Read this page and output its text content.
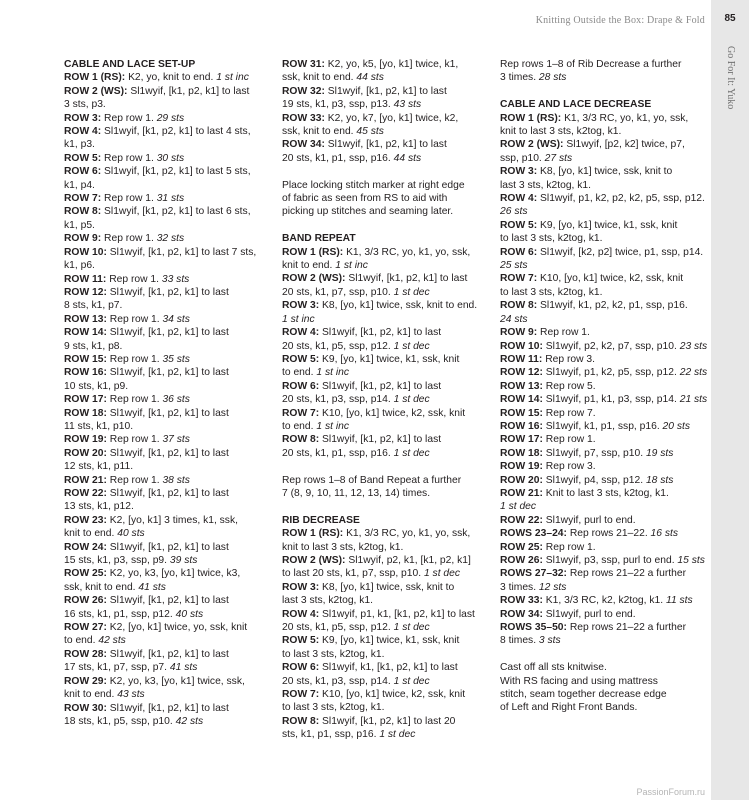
Knitting Outside the Box: Drape & Fold	85
Go For It: Yuko
CABLE AND LACE SET-UP
ROW 1 (RS): K2, yo, knit to end. 1 st inc
ROW 2 (WS): Sl1wyif, [k1, p2, k1] to last
3 sts, p3.
ROW 3: Rep row 1. 29 sts
ROW 4: Sl1wyif, [k1, p2, k1] to last 4 sts,
k1, p3.
ROW 5: Rep row 1. 30 sts
ROW 6: Sl1wyif, [k1, p2, k1] to last 5 sts,
k1, p4.
ROW 7: Rep row 1. 31 sts
ROW 8: Sl1wyif, [k1, p2, k1] to last 6 sts,
k1, p5.
ROW 9: Rep row 1. 32 sts
ROW 10: Sl1wyif, [k1, p2, k1] to last 7 sts,
k1, p6.
ROW 11: Rep row 1. 33 sts
ROW 12: Sl1wyif, [k1, p2, k1] to last
8 sts, k1, p7.
ROW 13: Rep row 1. 34 sts
ROW 14: Sl1wyif, [k1, p2, k1] to last
9 sts, k1, p8.
ROW 15: Rep row 1. 35 sts
ROW 16: Sl1wyif, [k1, p2, k1] to last
10 sts, k1, p9.
ROW 17: Rep row 1. 36 sts
ROW 18: Sl1wyif, [k1, p2, k1] to last
11 sts, k1, p10.
ROW 19: Rep row 1. 37 sts
ROW 20: Sl1wyif, [k1, p2, k1] to last
12 sts, k1, p11.
ROW 21: Rep row 1. 38 sts
ROW 22: Sl1wyif, [k1, p2, k1] to last
13 sts, k1, p12.
ROW 23: K2, [yo, k1] 3 times, k1, ssk,
knit to end. 40 sts
ROW 24: Sl1wyif, [k1, p2, k1] to last
15 sts, k1, p3, ssp, p9. 39 sts
ROW 25: K2, yo, k3, [yo, k1] twice, k3,
ssk, knit to end. 41 sts
ROW 26: Sl1wyif, [k1, p2, k1] to last
16 sts, k1, p1, ssp, p12. 40 sts
ROW 27: K2, [yo, k1] twice, yo, ssk, knit
to end. 42 sts
ROW 28: Sl1wyif, [k1, p2, k1] to last
17 sts, k1, p7, ssp, p7. 41 sts
ROW 29: K2, yo, k3, [yo, k1] twice, ssk,
knit to end. 43 sts
ROW 30: Sl1wyif, [k1, p2, k1] to last
18 sts, k1, p5, ssp, p10. 42 sts
ROW 31: K2, yo, k5, [yo, k1] twice, k1,
ssk, knit to end. 44 sts
ROW 32: Sl1wyif, [k1, p2, k1] to last
19 sts, k1, p3, ssp, p13. 43 sts
ROW 33: K2, yo, k7, [yo, k1] twice, k2,
ssk, knit to end. 45 sts
ROW 34: Sl1wyif, [k1, p2, k1] to last
20 sts, k1, p1, ssp, p16. 44 sts
Place locking stitch marker at right edge
of fabric as seen from RS to aid with
picking up stitches and seaming later.
BAND REPEAT
ROW 1 (RS): K1, 3/3 RC, yo, k1, yo, ssk,
knit to end. 1 st inc
ROW 2 (WS): Sl1wyif, [k1, p2, k1] to last
20 sts, k1, p7, ssp, p10. 1 st dec
ROW 3: K8, [yo, k1] twice, ssk, knit to end.
1 st inc
ROW 4: Sl1wyif, [k1, p2, k1] to last
20 sts, k1, p5, ssp, p12. 1 st dec
ROW 5: K9, [yo, k1] twice, k1, ssk, knit
to end. 1 st inc
ROW 6: Sl1wyif, [k1, p2, k1] to last
20 sts, k1, p3, ssp, p14. 1 st dec
ROW 7: K10, [yo, k1] twice, k2, ssk, knit
to end. 1 st inc
ROW 8: Sl1wyif, [k1, p2, k1] to last
20 sts, k1, p1, ssp, p16. 1 st dec
Rep rows 1–8 of Band Repeat a further
7 (8, 9, 10, 11, 12, 13, 14) times.
RIB DECREASE
ROW 1 (RS): K1, 3/3 RC, yo, k1, yo, ssk,
knit to last 3 sts, k2tog, k1.
ROW 2 (WS): Sl1wyif, p2, k1, [k1, p2, k1]
to last 20 sts, k1, p7, ssp, p10. 1 st dec
ROW 3: K8, [yo, k1] twice, ssk, knit to
last 3 sts, k2tog, k1.
ROW 4: Sl1wyif, p1, k1, [k1, p2, k1] to last
20 sts, k1, p5, ssp, p12. 1 st dec
ROW 5: K9, [yo, k1] twice, k1, ssk, knit
to last 3 sts, k2tog, k1.
ROW 6: Sl1wyif, k1, [k1, p2, k1] to last
20 sts, k1, p3, ssp, p14. 1 st dec
ROW 7: K10, [yo, k1] twice, k2, ssk, knit
to last 3 sts, k2tog, k1.
ROW 8: Sl1wyif, [k1, p2, k1] to last 20
sts, k1, p1, ssp, p16. 1 st dec
Rep rows 1–8 of Rib Decrease a further
3 times. 28 sts
CABLE AND LACE DECREASE
ROW 1 (RS): K1, 3/3 RC, yo, k1, yo, ssk,
knit to last 3 sts, k2tog, k1.
ROW 2 (WS): Sl1wyif, [p2, k2] twice, p7,
ssp, p10. 27 sts
ROW 3: K8, [yo, k1] twice, ssk, knit to
last 3 sts, k2tog, k1.
ROW 4: Sl1wyif, p1, k2, p2, k2, p5, ssp, p12.
26 sts
ROW 5: K9, [yo, k1] twice, k1, ssk, knit
to last 3 sts, k2tog, k1.
ROW 6: Sl1wyif, [k2, p2] twice, p1, ssp, p14.
25 sts
ROW 7: K10, [yo, k1] twice, k2, ssk, knit
to last 3 sts, k2tog, k1.
ROW 8: Sl1wyif, k1, p2, k2, p1, ssp, p16.
24 sts
ROW 9: Rep row 1.
ROW 10: Sl1wyif, p2, k2, p7, ssp, p10. 23 sts
ROW 11: Rep row 3.
ROW 12: Sl1wyif, p1, k2, p5, ssp, p12. 22 sts
ROW 13: Rep row 5.
ROW 14: Sl1wyif, p1, k1, p3, ssp, p14. 21 sts
ROW 15: Rep row 7.
ROW 16: Sl1wyif, k1, p1, ssp, p16. 20 sts
ROW 17: Rep row 1.
ROW 18: Sl1wyif, p7, ssp, p10. 19 sts
ROW 19: Rep row 3.
ROW 20: Sl1wyif, p4, ssp, p12. 18 sts
ROW 21: Knit to last 3 sts, k2tog, k1.
1 st dec
ROW 22: Sl1wyif, purl to end.
ROWS 23–24: Rep rows 21–22. 16 sts
ROW 25: Rep row 1.
ROW 26: Sl1wyif, p3, ssp, purl to end. 15 sts
ROWS 27–32: Rep rows 21–22 a further
3 times. 12 sts
ROW 33: K1, 3/3 RC, k2, k2tog, k1. 11 sts
ROW 34: Sl1wyif, purl to end.
ROWS 35–50: Rep rows 21–22 a further
8 times. 3 sts
Cast off all sts knitwise.
With RS facing and using mattress
stitch, seam together decrease edge
of Left and Right Front Bands.
PassionForum.ru
